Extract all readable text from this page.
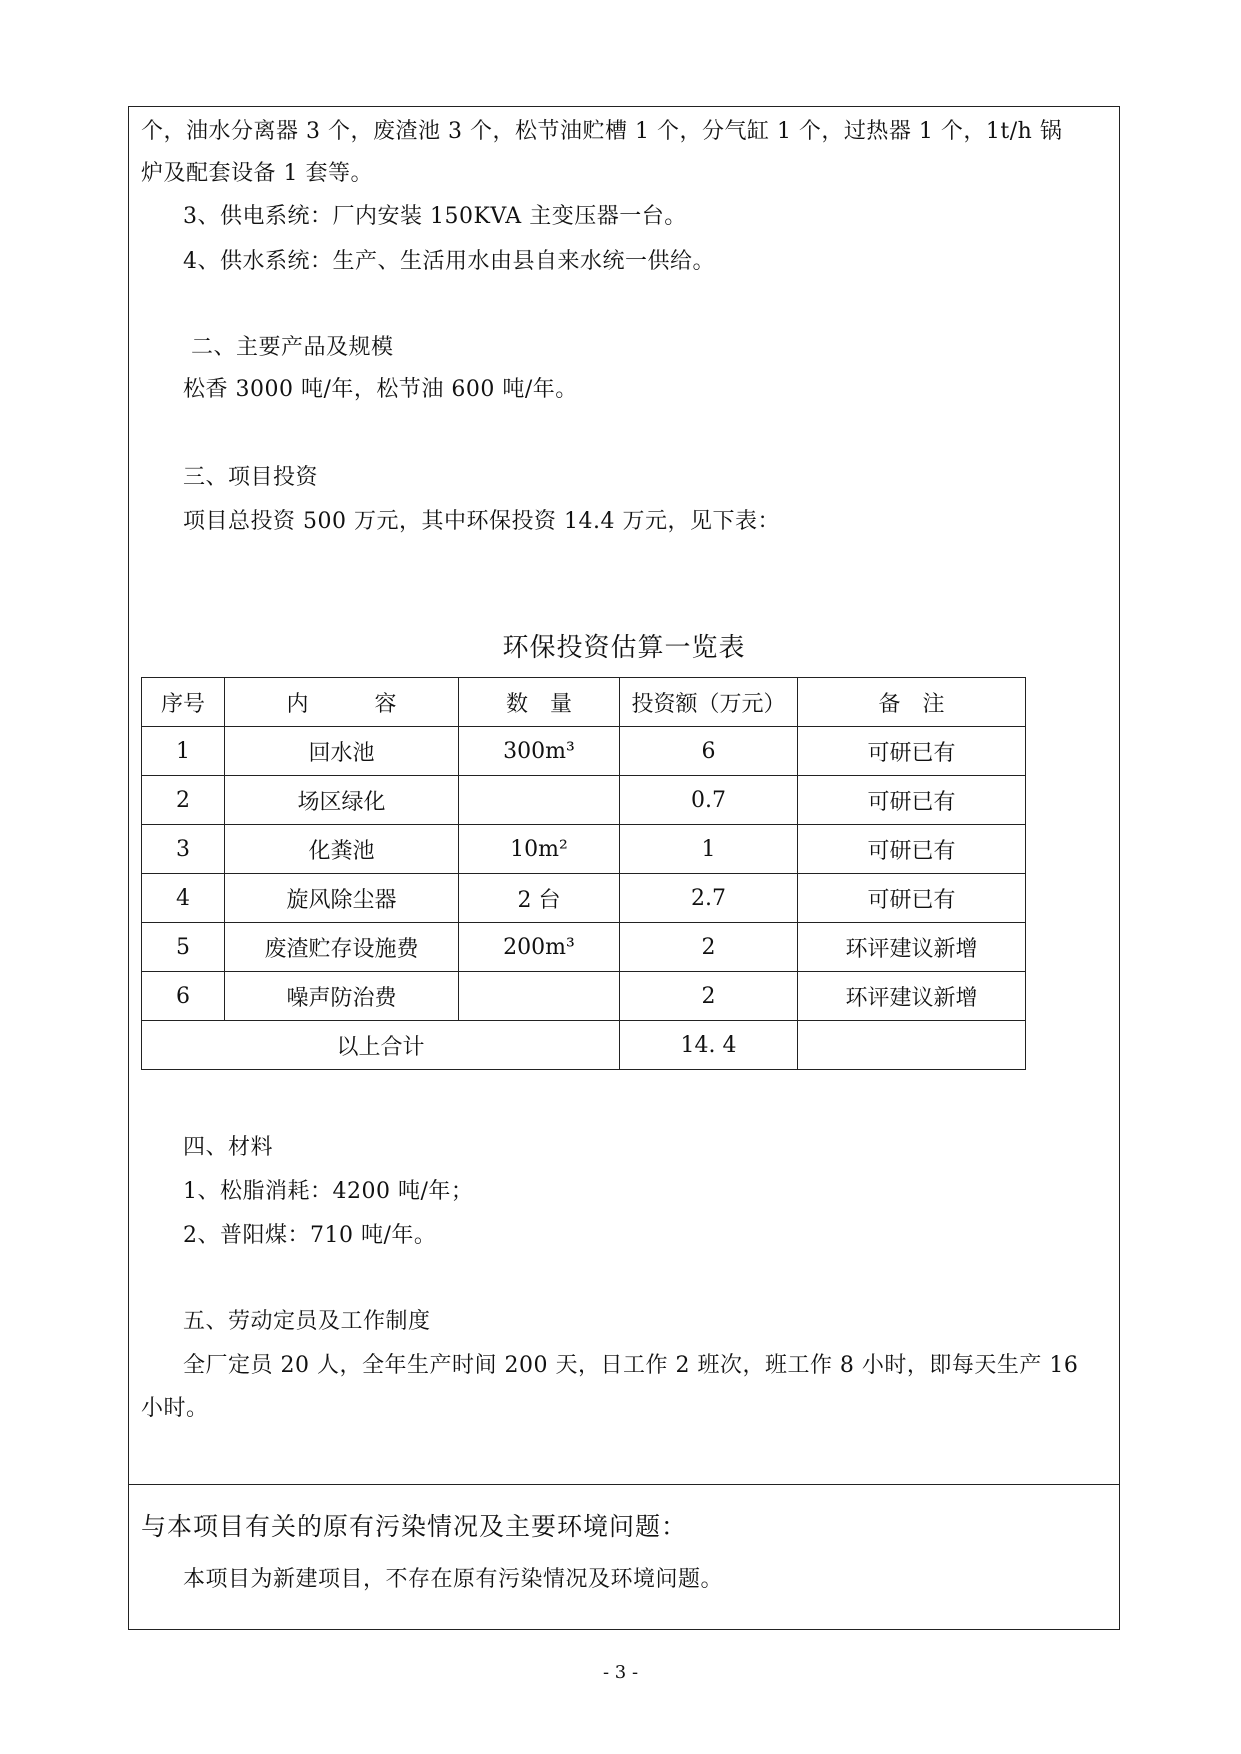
个，油水分离器 3 个，废渣池 3 个，松节油贮槽 1 个，分气缸 1 个，过热器 1 个，1t/h 锅
炉及配套设备 1 套等。
3、供电系统：厂内安装 150KVA 主变压器一台。
4、供水系统：生产、生活用水由县自来水统一供给。
二、主要产品及规模
松香 3000 吨/年，松节油 600 吨/年。
三、项目投资
项目总投资 500 万元，其中环保投资 14.4 万元，见下表：
环保投资估算一览表
序号	内　　　容	数　量	投资额（万元）	备　注
1	回水池	300m³	6	可研已有
2	场区绿化		0.7	可研已有
3	化粪池	10m²	1	可研已有
4	旋风除尘器	2 台	2.7	可研已有
5	废渣贮存设施费	200m³	2	环评建议新增
6	噪声防治费		2	环评建议新增
以上合计			14. 4	
四、材料
1、松脂消耗：4200 吨/年；
2、普阳煤：710 吨/年。
五、劳动定员及工作制度
全厂定员 20 人，全年生产时间 200 天，日工作 2 班次，班工作 8 小时，即每天生产 16
小时。
与本项目有关的原有污染情况及主要环境问题：
本项目为新建项目，不存在原有污染情况及环境问题。
- 3 -
